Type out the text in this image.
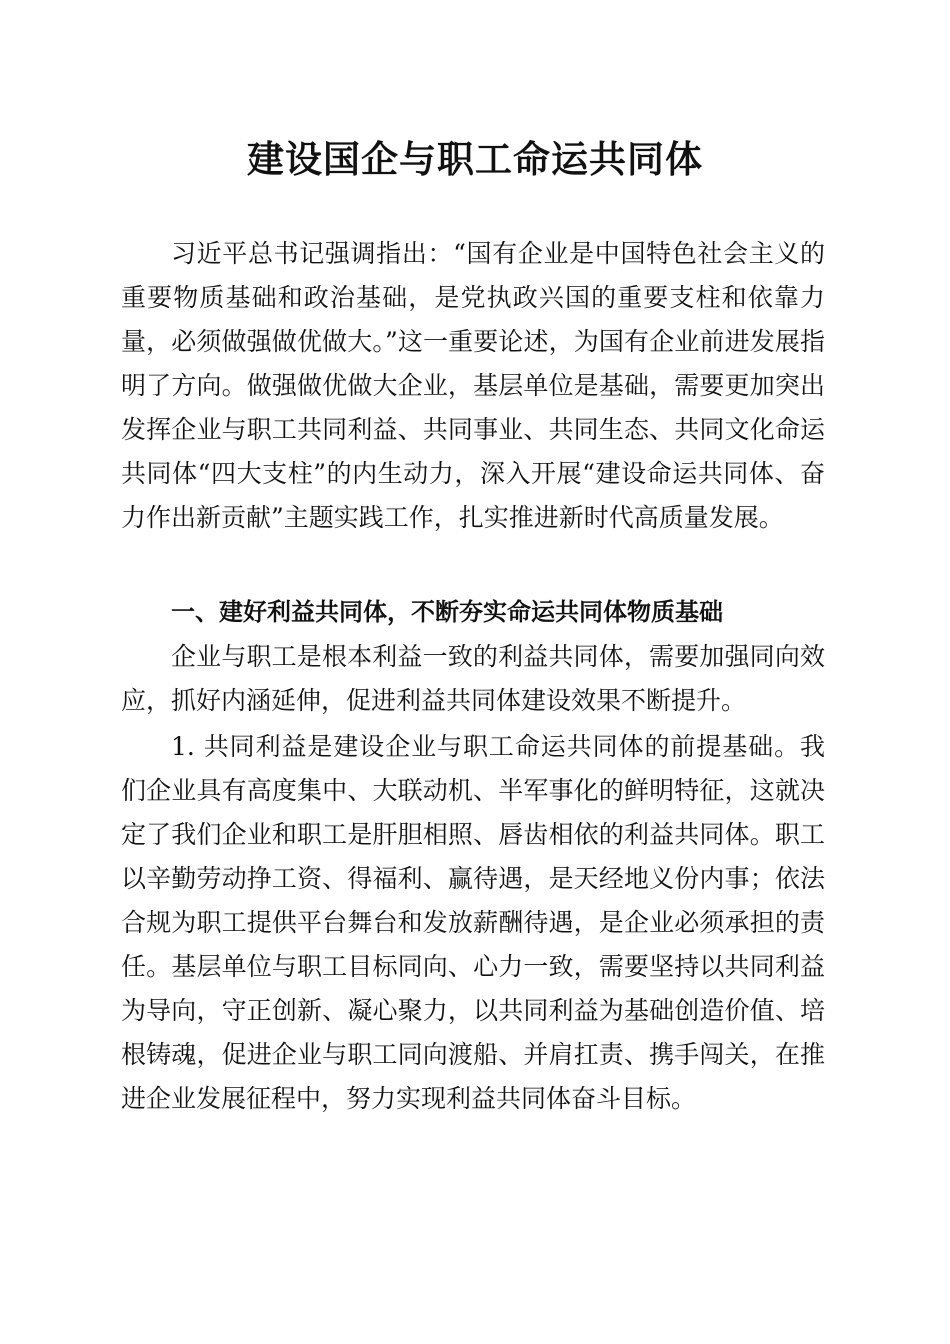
建设国企与职工命运共同体

习近平总书记强调指出：“国有企业是中国特色社会主义的重要物质基础和政治基础，是党执政兴国的重要支柱和依靠力量，必须做强做优做大。”这一重要论述，为国有企业前进发展指明了方向。做强做优做大企业，基层单位是基础，需要更加突出发挥企业与职工共同利益、共同事业、共同生态、共同文化命运共同体“四大支柱”的内生动力，深入开展“建设命运共同体、奋力作出新贡献”主题实践工作，扎实推进新时代高质量发展。

一、建好利益共同体，不断夯实命运共同体物质基础

企业与职工是根本利益一致的利益共同体，需要加强同向效应，抓好内涵延伸，促进利益共同体建设效果不断提升。

1. 共同利益是建设企业与职工命运共同体的前提基础。我们企业具有高度集中、大联动机、半军事化的鲜明特征，这就决定了我们企业和职工是肝胆相照、唇齿相依的利益共同体。职工以辛勤劳动挣工资、得福利、赢待遇，是天经地义份内事；依法合规为职工提供平台舞台和发放薪酬待遇，是企业必须承担的责任。基层单位与职工目标同向、心力一致，需要坚持以共同利益为导向，守正创新、凝心聚力，以共同利益为基础创造价值、培根铸魂，促进企业与职工同向渡船、并肩扛责、携手闯关，在推进企业发展征程中，努力实现利益共同体奋斗目标。
